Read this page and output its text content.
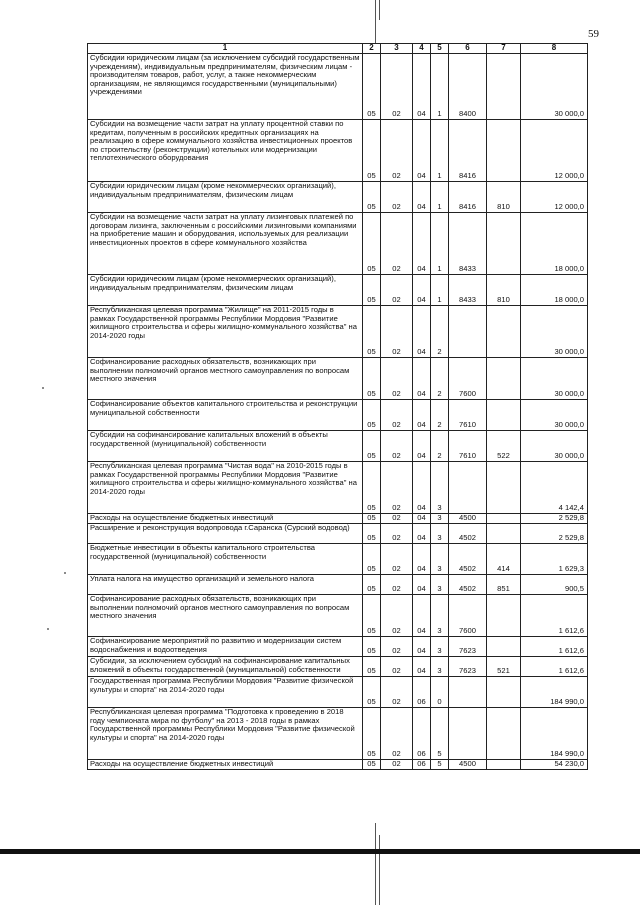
59
1	2	3	4	5	6	7	8
Субсидии юридическим лицам (за исключением субсидий государственным учреждениям), индивидуальным предпринимателям, физическим лицам - производителям товаров, работ, услуг, а также некоммерческим организациям, не являющимся государственными (муниципальными) учреждениями	05	02	04	1	8400		30 000,0
Субсидии на возмещение части затрат на уплату процентной ставки по кредитам, полученным в российских кредитных организациях на реализацию в сфере коммунального хозяйства инвестиционных проектов по строительству (реконструкции) котельных или модернизации теплотехнического оборудования	05	02	04	1	8416		12 000,0
Субсидии юридическим лицам (кроме некоммерческих организаций), индивидуальным предпринимателям, физическим лицам	05	02	04	1	8416	810	12 000,0
Субсидии на возмещение части затрат на уплату лизинговых платежей по договорам лизинга, заключенным с российскими лизинговыми компаниями на приобретение машин и оборудования, используемых для реализации инвестиционных проектов в сфере коммунального хозяйства	05	02	04	1	8433		18 000,0
Субсидии юридическим лицам (кроме некоммерческих организаций), индивидуальным предпринимателям, физическим лицам	05	02	04	1	8433	810	18 000,0
Республиканская целевая программа "Жилище" на 2011-2015 годы в рамках Государственной программы Республики Мордовия "Развитие жилищного строительства и сферы жилищно-коммунального хозяйства" на 2014-2020 годы	05	02	04	2			30 000,0
Софинансирование расходных обязательств, возникающих при выполнении полномочий органов местного самоуправления по вопросам местного значения	05	02	04	2	7600		30 000,0
Софинансирование объектов капитального строительства и реконструкции муниципальной собственности	05	02	04	2	7610		30 000,0
Субсидии на софинансирование капитальных вложений в объекты государственной (муниципальной) собственности	05	02	04	2	7610	522	30 000,0
Республиканская целевая программа "Чистая вода" на 2010-2015 годы в рамках Государственной программы Республики Мордовия "Развитие жилищного строительства и сферы жилищно-коммунального хозяйства" на 2014-2020 годы	05	02	04	3			4 142,4
Расходы на осуществление бюджетных инвестиций	05	02	04	3	4500		2 529,8
Расширение и реконструкция водопровода г.Саранска (Сурский водовод)	05	02	04	3	4502		2 529,8
Бюджетные инвестиции в объекты капитального строительства государственной (муниципальной) собственности	05	02	04	3	4502	414	1 629,3
Уплата налога на имущество организаций и земельного налога	05	02	04	3	4502	851	900,5
Софинансирование расходных обязательств, возникающих при выполнении полномочий органов местного самоуправления по вопросам местного значения	05	02	04	3	7600		1 612,6
Софинансирование мероприятий по развитию и модернизации систем водоснабжения и водоотведения	05	02	04	3	7623		1 612,6
Субсидии, за исключением субсидий на софинансирование капитальных вложений в объекты государственной (муниципальной) собственности	05	02	04	3	7623	521	1 612,6
Государственная программа Республики Мордовия "Развитие физической культуры и спорта" на 2014-2020 годы	05	02	06	0			184 990,0
Республиканская целевая программа "Подготовка к проведению в 2018 году чемпионата мира по футболу" на 2013 - 2018 годы в рамках Государственной программы Республики Мордовия "Развитие физической культуры и спорта" на 2014-2020 годы	05	02	06	5			184 990,0
Расходы на осуществление бюджетных инвестиций	05	02	06	5	4500		54 230,0
